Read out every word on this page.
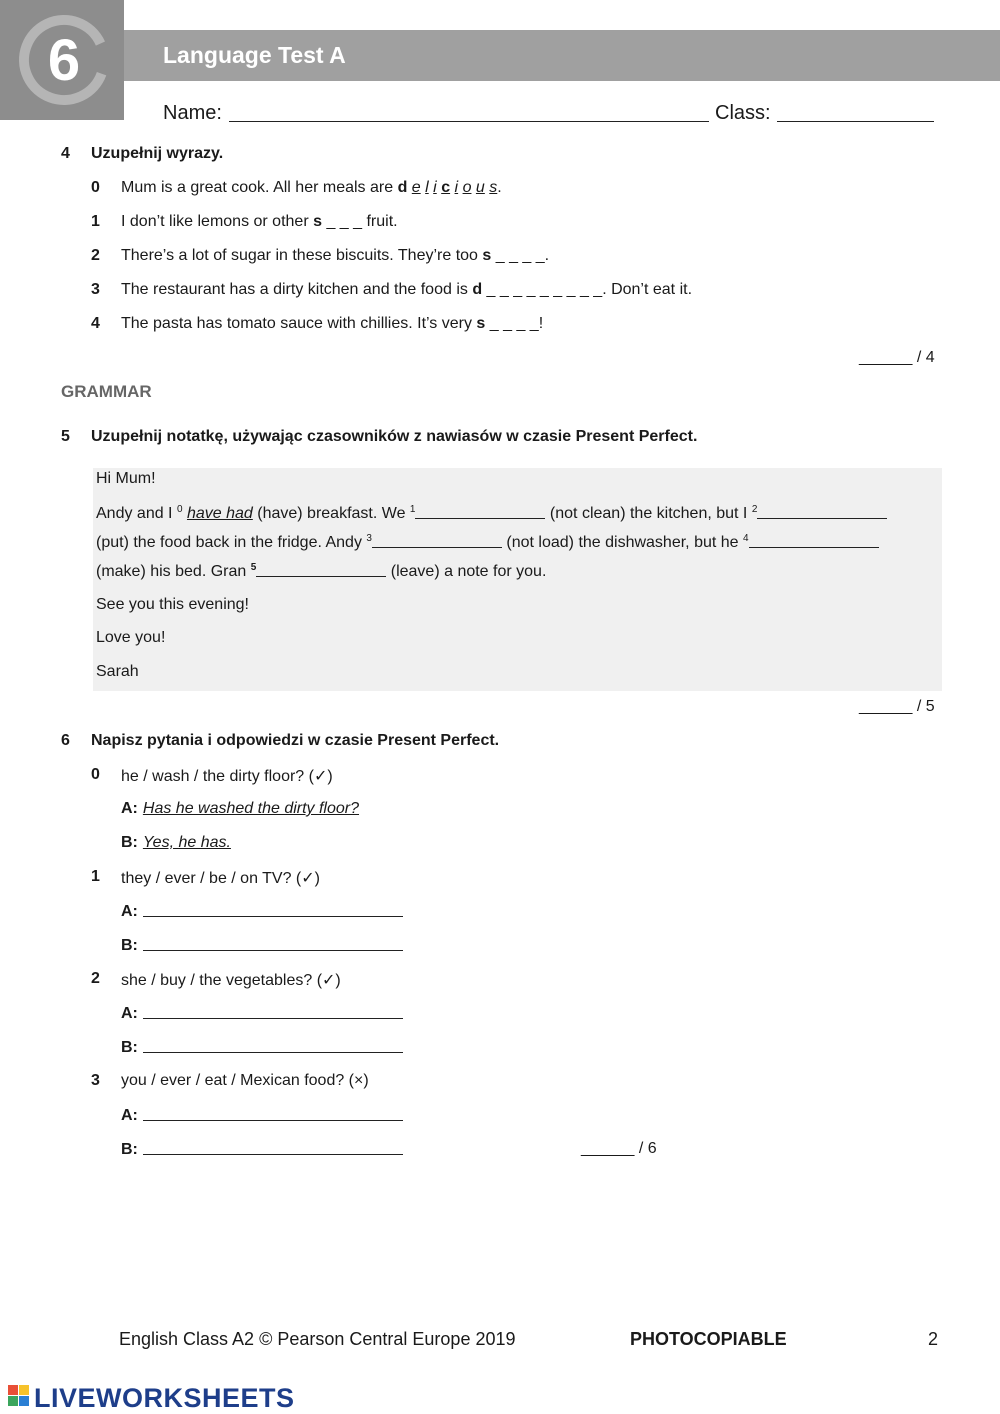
6	Language Test A
Name:	Class:
4 Uzupełnij wyrazy.
0 Mum is a great cook. All her meals are d e l i c i o u s.
1 I don’t like lemons or other s _ _ _ fruit.
2 There’s a lot of sugar in these biscuits. They’re too s _ _ _ _.
3 The restaurant has a dirty kitchen and the food is d _ _ _ _ _ _ _ _ _. Don’t eat it.
4 The pasta has tomato sauce with chillies. It’s very s _ _ _ _!
______ / 4
GRAMMAR
5 Uzupełnij notatkę, używając czasowników z nawiasów w czasie Present Perfect.
Hi Mum!
Andy and I $^0$ have had (have) breakfast. We $^1$	(not clean) the kitchen, but I $^2$
(put) the food back in the fridge. Andy $^3$	(not load) the dishwasher, but he $^4$
(make) his bed. Gran $^5$	(leave) a note for you.
See you this evening!
Love you!
Sarah
______ / 5
6 Napisz pytania i odpowiedzi w czasie Present Perfect.
0 he / wash / the dirty floor? (✓)
A: Has he washed the dirty floor?
B: Yes, he has.
1 they / ever / be / on TV? (✓)
A:
B:
2 she / buy / the vegetables? (✓)
A:
B:
3 you / ever / eat / Mexican food? (×)
A:
B:	______ / 6
English Class A2 © Pearson Central Europe 2019	PHOTOCOPIABLE	2
LIVEWORKSHEETS
